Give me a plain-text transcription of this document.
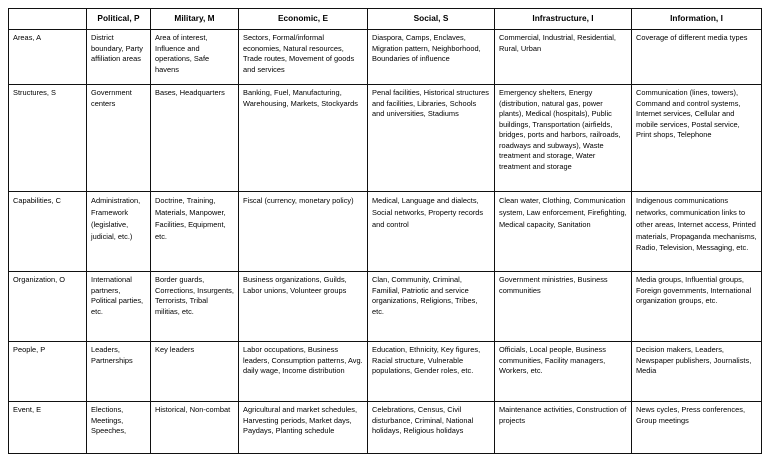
	Political, P	Military, M	Economic, E	Social, S	Infrastructure, I	Information, I
Areas, A	District boundary, Party affiliation areas	Area of interest, Influence and operations, Safe havens	Sectors, Formal/informal economies, Natural resources, Trade routes, Movement of goods and services	Diaspora, Camps, Enclaves, Migration pattern, Neighborhood, Boundaries of influence	Commercial, Industrial, Residential, Rural, Urban	Coverage of different media types
Structures, S	Government centers	Bases, Headquarters	Banking, Fuel, Manufacturing, Warehousing, Markets, Stockyards	Penal facilities, Historical structures and facilities, Libraries, Schools and universities, Stadiums	Emergency shelters, Energy (distribution, natural gas, power plants), Medical (hospitals), Public buildings, Transportation (airfields, bridges, ports and harbors, railroads, roadways and subways), Waste treatment and storage, Water treatment and storage	Communication (lines, towers), Command and control systems, Internet services, Cellular and mobile services, Postal service, Print shops, Telephone
Capabilities, C	Administration, Framework (legislative, judicial, etc.)	Doctrine, Training, Materials, Manpower, Facilities, Equipment, etc.	Fiscal (currency, monetary policy)	Medical, Language and dialects, Social networks, Property records and control	Clean water, Clothing, Communication system, Law enforcement, Firefighting, Medical capacity, Sanitation	Indigenous communications networks, communication links to other areas, Internet access, Printed materials, Propaganda mechanisms, Radio, Television, Messaging, etc.
Organization, O	International partners, Political parties, etc.	Border guards, Corrections, Insurgents, Terrorists, Tribal militias, etc.	Business organizations, Guilds, Labor unions, Volunteer groups	Clan, Community, Criminal, Familial, Patriotic and service organizations, Religions, Tribes, etc.	Government ministries, Business communities	Media groups, Influential groups, Foreign governments, International organization groups, etc.
People, P	Leaders, Partnerships	Key leaders	Labor occupations, Business leaders, Consumption patterns, Avg. daily wage, Income distribution	Education, Ethnicity, Key figures, Racial structure, Vulnerable populations, Gender roles, etc.	Officials, Local people, Business communities, Facility managers, Workers, etc.	Decision makers, Leaders, Newspaper publishers, Journalists, Media
Event, E	Elections, Meetings, Speeches,	Historical, Non-combat	Agricultural and market schedules, Harvesting periods, Market days, Paydays, Planting schedule	Celebrations, Census, Civil disturbance, Criminal, National holidays, Religious holidays	Maintenance activities, Construction of projects	News cycles, Press conferences, Group meetings
